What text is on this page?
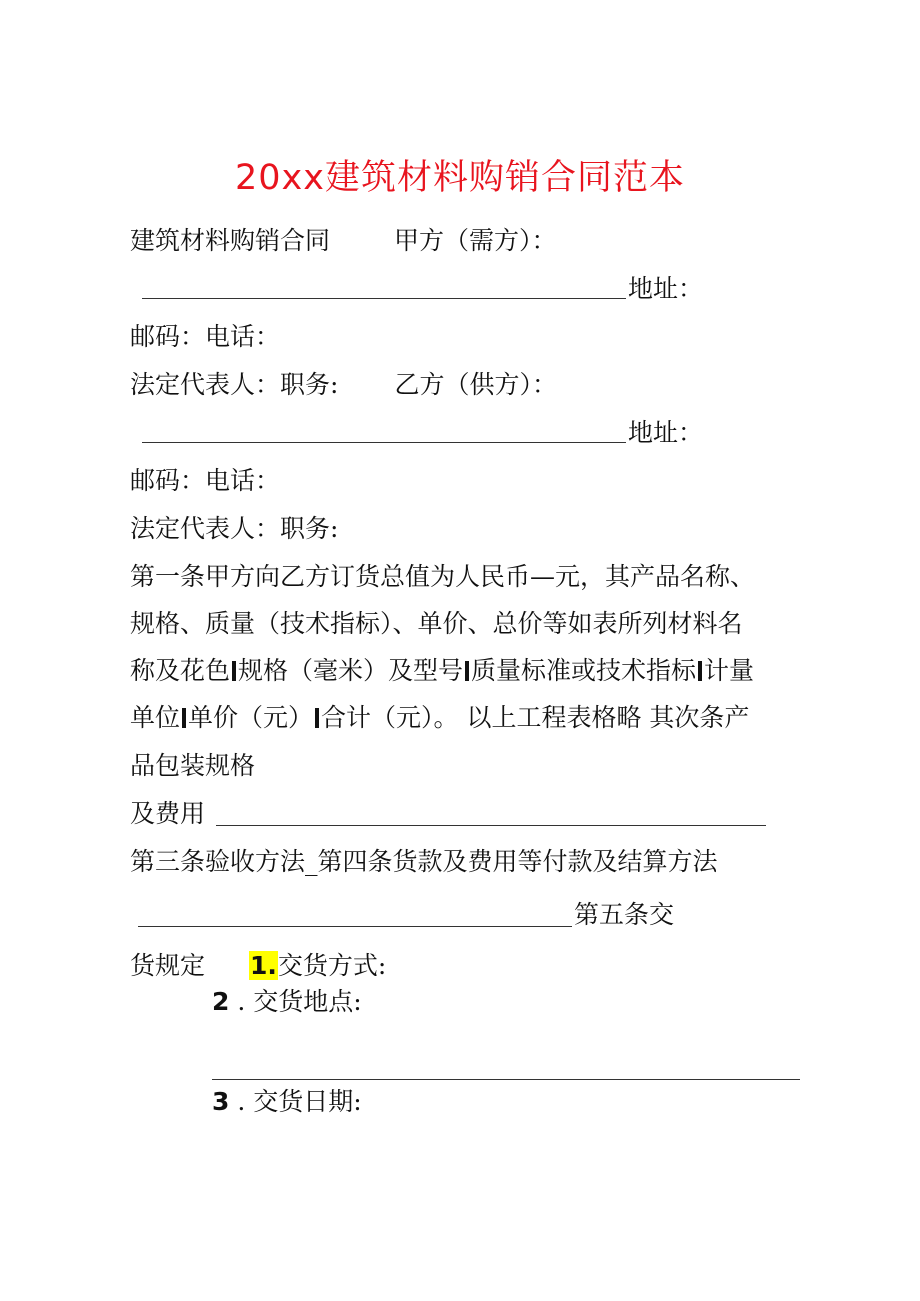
20xx建筑材料购销合同范本
建筑材料购销合同	甲方（需方）：
地址：
邮码：电话：
法定代表人：职务: 乙方（供方）：
地址：
邮码：电话：
法定代表人：职务:
第一条甲方向乙方订货总值为人民币—元，其产品名称、
规格、质量（技术指标）、单价、总价等如表所列材料名
称及花色 规格（毫米）及型号 质量标准或技术指标 计量
单位 单价（元） 合计（元）。 以上工程表格略 其次条产
品包装规格
及费用
第三条验收方法_第四条货款及费用等付款及结算方法
第五条交
货规定 1.交货方式:
2 . 交货地点:
3 . 交货日期:
